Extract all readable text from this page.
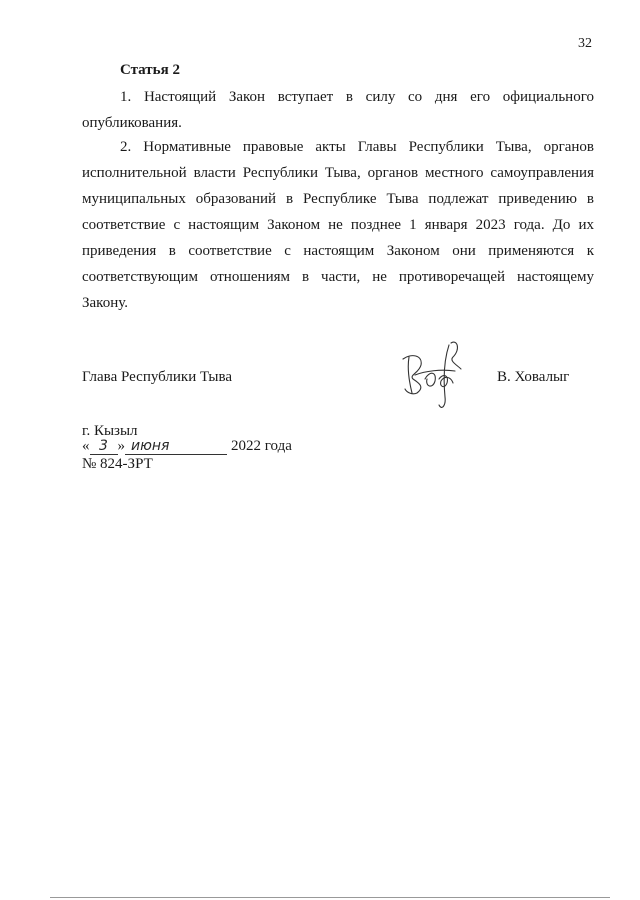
32
Статья 2

1. Настоящий Закон вступает в силу со дня его официального опубликования.

2. Нормативные правовые акты Главы Республики Тыва, органов исполнительной власти Республики Тыва, органов местного самоуправления муниципальных образований в Республике Тыва подлежат приведению в соответствие с настоящим Законом не позднее 1 января 2023 года. До их приведения в соответствие с настоящим Законом они применяются к соответствующим отношениям в части, не противоречащей настоящему Закону.

Глава Республики Тыва	В. Ховалыг
г. Кызыл
« 3 » июня	2022 года
№ 824-ЗРТ
